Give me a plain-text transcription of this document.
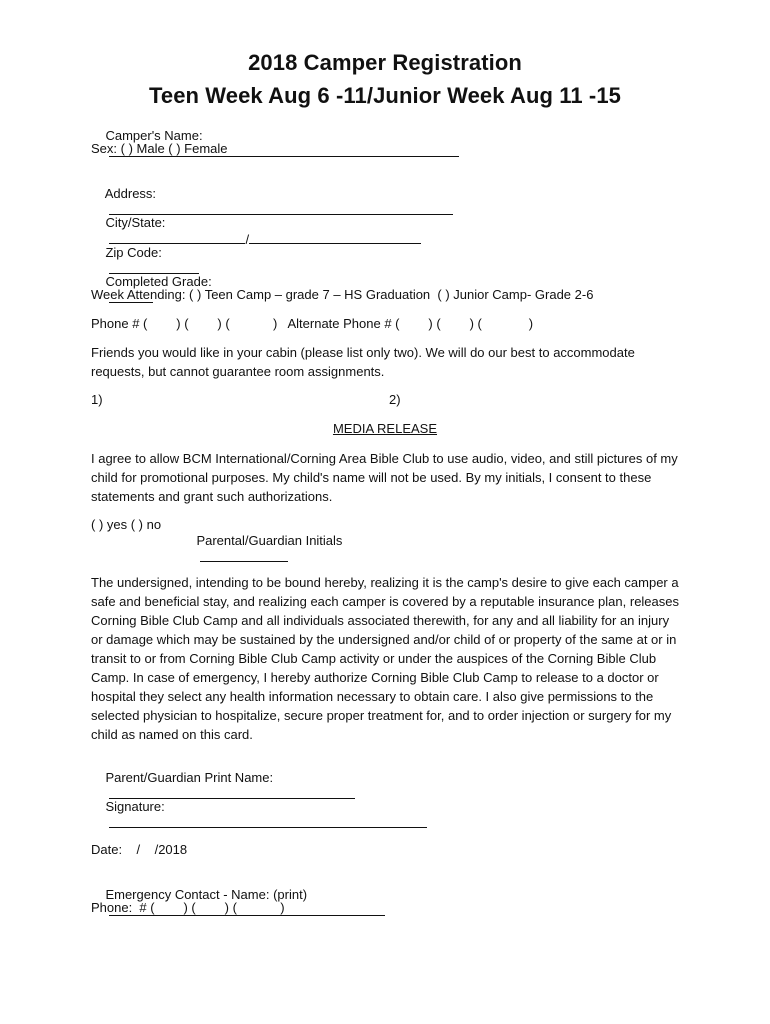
2018 Camper Registration
Teen Week Aug 6 -11/Junior Week Aug 11 -15

Camper's Name:

Sex: ( ) Male ( ) Female

Address:

City/State:
/

Zip Code:

Completed Grade:

Week Attending: ( ) Teen Camp – grade 7 – HS Graduation  ( ) Junior Camp- Grade 2-6
Phone # (        ) (        ) (            )   Alternate Phone # (        ) (        ) (             )
Friends you would like in your cabin (please list only two). We will do our best to accommodate requests, but cannot guarantee room assignments.
1)	2)
MEDIA RELEASE
I agree to allow BCM International/Corning Area Bible Club to use audio, video, and still pictures of my child for promotional purposes. My child's name will not be used. By my initials, I consent to these statements and grant such authorizations.
( ) yes ( ) no

Parental/Guardian Initials

The undersigned, intending to be bound hereby, realizing it is the camp's desire to give each camper a safe and beneficial stay, and realizing each camper is covered by a reputable insurance plan, releases Corning Bible Club Camp and all individuals associated therewith, for any and all liability for an injury or damage which may be sustained by the undersigned and/or child of or property of the same at or in transit to or from Corning Bible Club Camp activity or under the auspices of the Corning Bible Club Camp. In case of emergency, I hereby authorize Corning Bible Club Camp to release to a doctor or hospital they select any health information necessary to obtain care. I also give permissions to the selected physician to hospitalize, secure proper treatment for, and to order injection or surgery for my child as named on this card.

Parent/Guardian Print Name:

Signature:

Date:    /    /2018

Emergency Contact - Name: (print)

Phone:  # (        ) (        ) (            )
